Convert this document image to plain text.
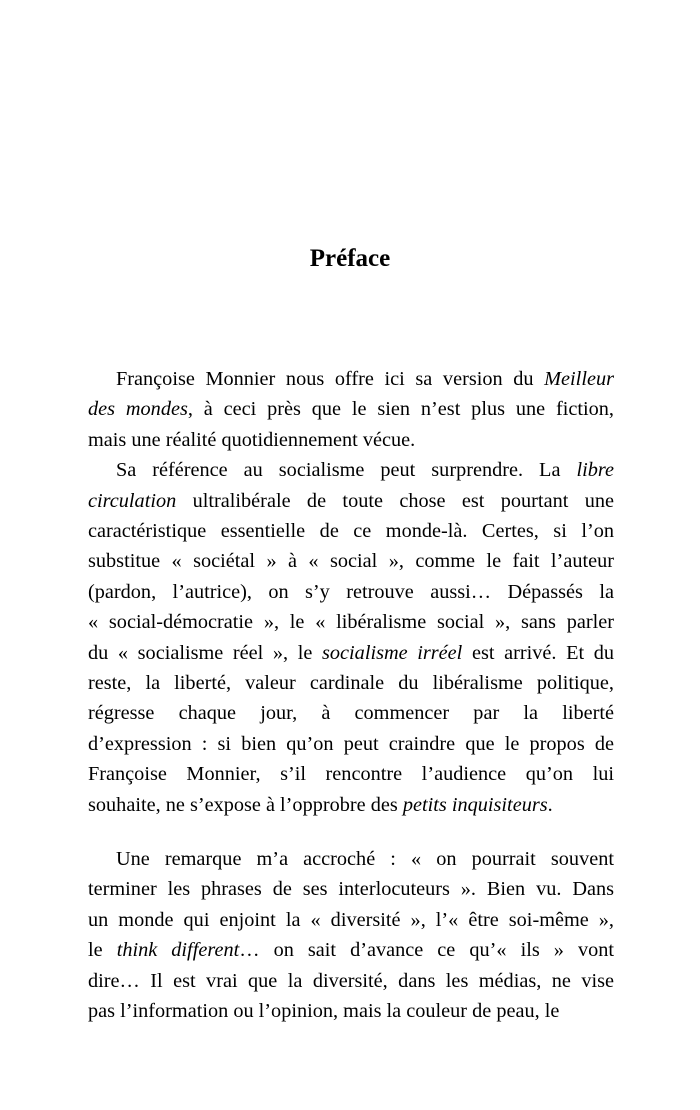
Préface
Françoise Monnier nous offre ici sa version du Meilleur
des mondes, à ceci près que le sien n’est plus une fiction,
mais une réalité quotidiennement vécue.
Sa référence au socialisme peut surprendre. La libre
circulation ultralibérale de toute chose est pourtant une
caractéristique essentielle de ce monde-là. Certes, si l’on
substitue « sociétal » à « social », comme le fait l’auteur
(pardon, l’autrice), on s’y retrouve aussi… Dépassés la
« social-démocratie », le « libéralisme social », sans parler
du « socialisme réel », le socialisme irréel est arrivé. Et du
reste, la liberté, valeur cardinale du libéralisme politique,
régresse chaque jour, à commencer par la liberté
d’expression : si bien qu’on peut craindre que le propos de
Françoise Monnier, s’il rencontre l’audience qu’on lui
souhaite, ne s’expose à l’opprobre des petits inquisiteurs.
Une remarque m’a accroché : « on pourrait souvent
terminer les phrases de ses interlocuteurs ». Bien vu. Dans
un monde qui enjoint la « diversité », l’« être soi-même »,
le think different… on sait d’avance ce qu’« ils » vont
dire… Il est vrai que la diversité, dans les médias, ne vise
pas l’information ou l’opinion, mais la couleur de peau, le
